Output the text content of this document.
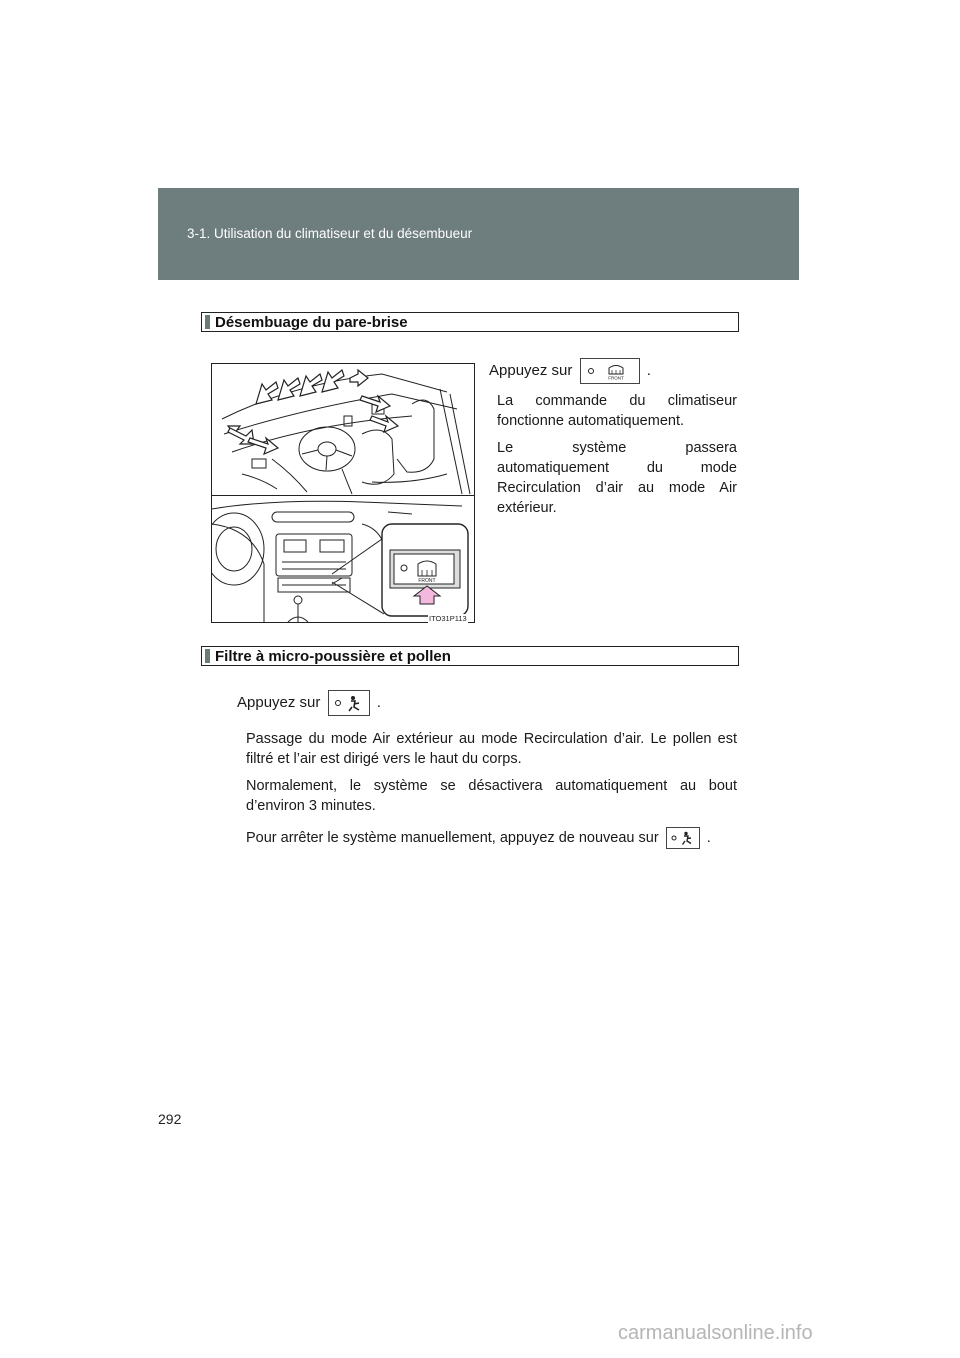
3-1. Utilisation du climatiseur et du désembueur
Désembuage du pare-brise
FRONT
ITO31P113
Appuyez sur	FRONT .

La commande du climatiseur fonctionne automatiquement.

Le système passera automatiquement du mode Recirculation d’air au mode Air extérieur.

Filtre à micro-poussière et pollen
Appuyez sur	.

Passage du mode Air extérieur au mode Recirculation d’air. Le pollen est filtré et l’air est dirigé vers le haut du corps.

Normalement, le système se désactivera automatiquement au bout d’environ 3 minutes.

Pour arrêter le système manuellement, appuyez de nouveau sur	.
292
carmanualsonline.info
